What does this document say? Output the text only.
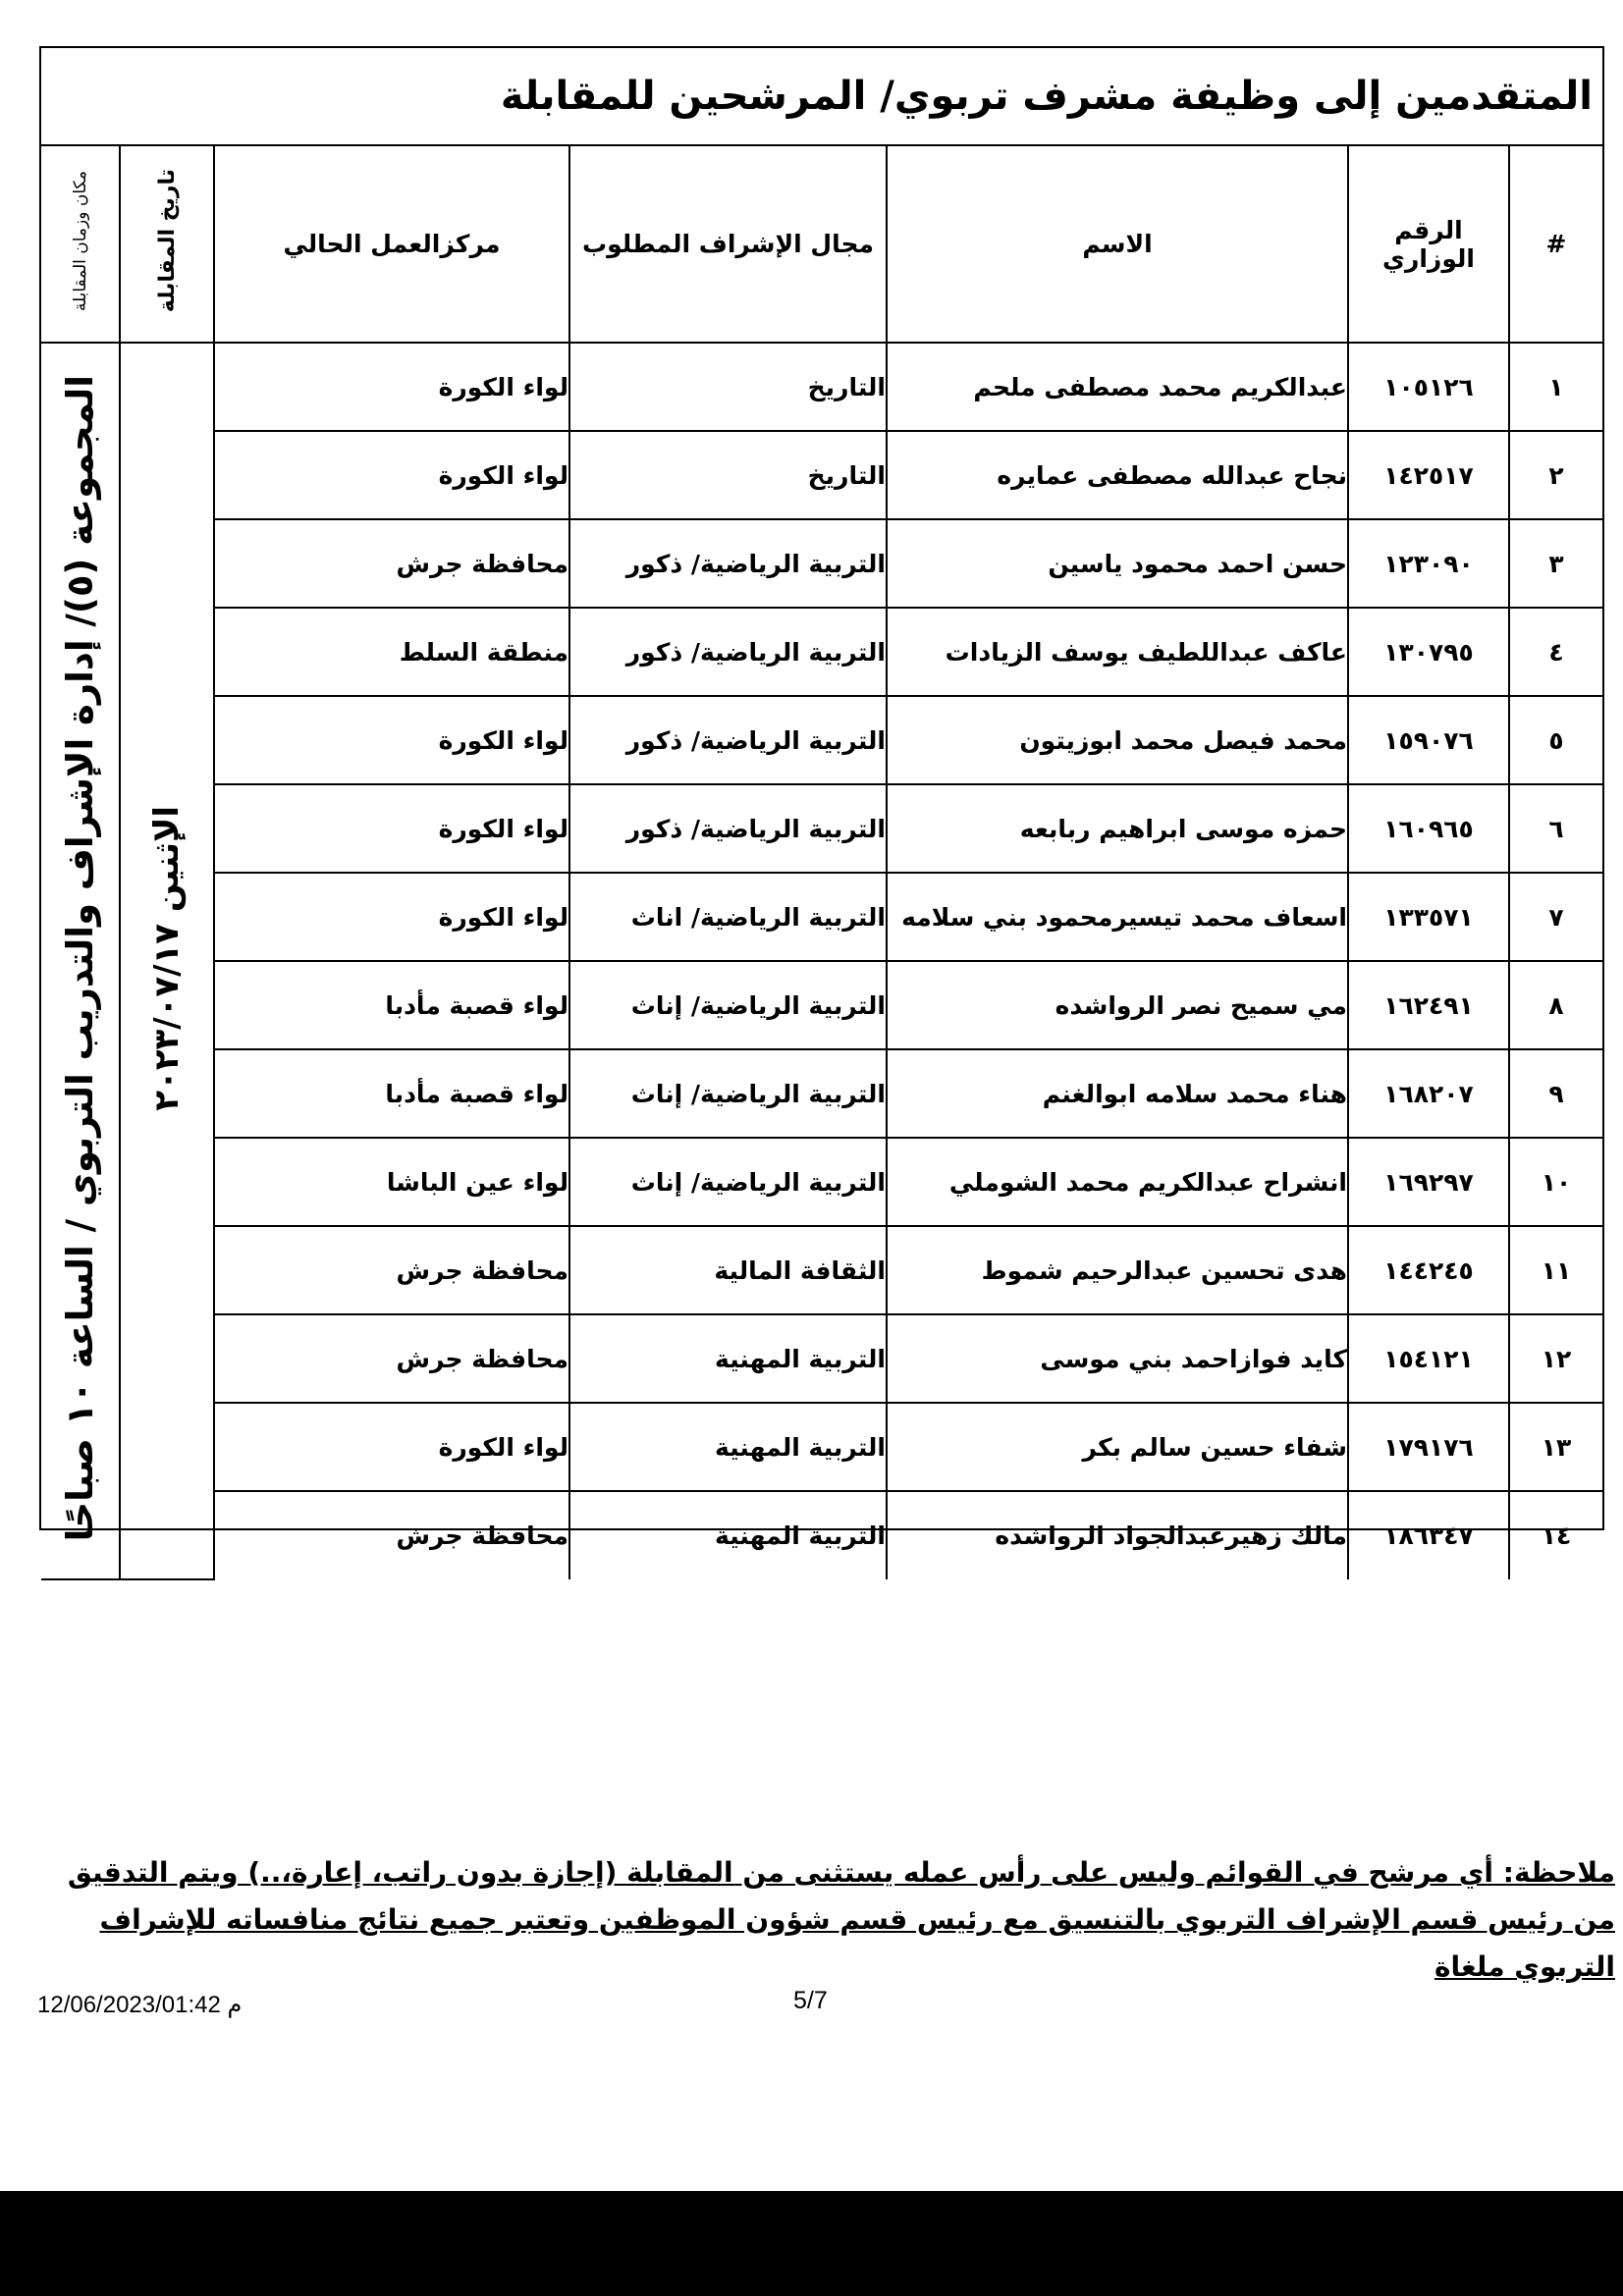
المتقدمين إلى وظيفة مشرف تربوي/ المرشحين للمقابلة
#	الرقم الوزاري	الاسم	مجال الإشراف المطلوب	مركزالعمل الحالي	تاريخ المقابلة	مكان وزمان المقابلة
١	١٠٥١٢٦	عبدالكريم محمد مصطفى ملحم	التاريخ	لواء الكورة	الإثنين ٢٠٢٣/٠٧/١٧	المجموعة (٥)/ إدارة الإشراف والتدريب التربوي / الساعة ١٠ صباحًا
٢	١٤٢٥١٧	نجاح عبدالله مصطفى عمايره	التاريخ	لواء الكورة		
٣	١٢٣٠٩٠	حسن احمد محمود ياسين	التربية الرياضية/ ذكور	محافظة جرش		
٤	١٣٠٧٩٥	عاكف عبداللطيف يوسف الزيادات	التربية الرياضية/ ذكور	منطقة السلط		
٥	١٥٩٠٧٦	محمد فيصل محمد ابوزيتون	التربية الرياضية/ ذكور	لواء الكورة		
٦	١٦٠٩٦٥	حمزه موسى ابراهيم ربابعه	التربية الرياضية/ ذكور	لواء الكورة		
٧	١٣٣٥٧١	اسعاف محمد تيسيرمحمود بني سلامه	التربية الرياضية/ اناث	لواء الكورة		
٨	١٦٢٤٩١	مي سميح نصر الرواشده	التربية الرياضية/ إناث	لواء قصبة مأدبا		
٩	١٦٨٢٠٧	هناء محمد سلامه ابوالغنم	التربية الرياضية/ إناث	لواء قصبة مأدبا		
١٠	١٦٩٢٩٧	انشراح عبدالكريم محمد الشوملي	التربية الرياضية/ إناث	لواء عين الباشا		
١١	١٤٤٢٤٥	هدى تحسين عبدالرحيم شموط	الثقافة المالية	محافظة جرش		
١٢	١٥٤١٢١	كايد فوازاحمد بني موسى	التربية المهنية	محافظة جرش		
١٣	١٧٩١٧٦	شفاء حسين سالم بكر	التربية المهنية	لواء الكورة		
١٤	١٨٦٣٤٧	مالك زهيرعبدالجواد الرواشده	التربية المهنية	محافظة جرش		
ملاحظة: أي مرشح في القوائم وليس على رأس عمله يستثنى من المقابلة (إجازة بدون راتب، إعارة،..) ويتم التدقيق من رئيس قسم الإشراف التربوي بالتنسيق مع رئيس قسم شؤون الموظفين وتعتبر جميع نتائج منافساته للإشراف التربوي ملغاة
5/7
12/06/2023/01:42 م
